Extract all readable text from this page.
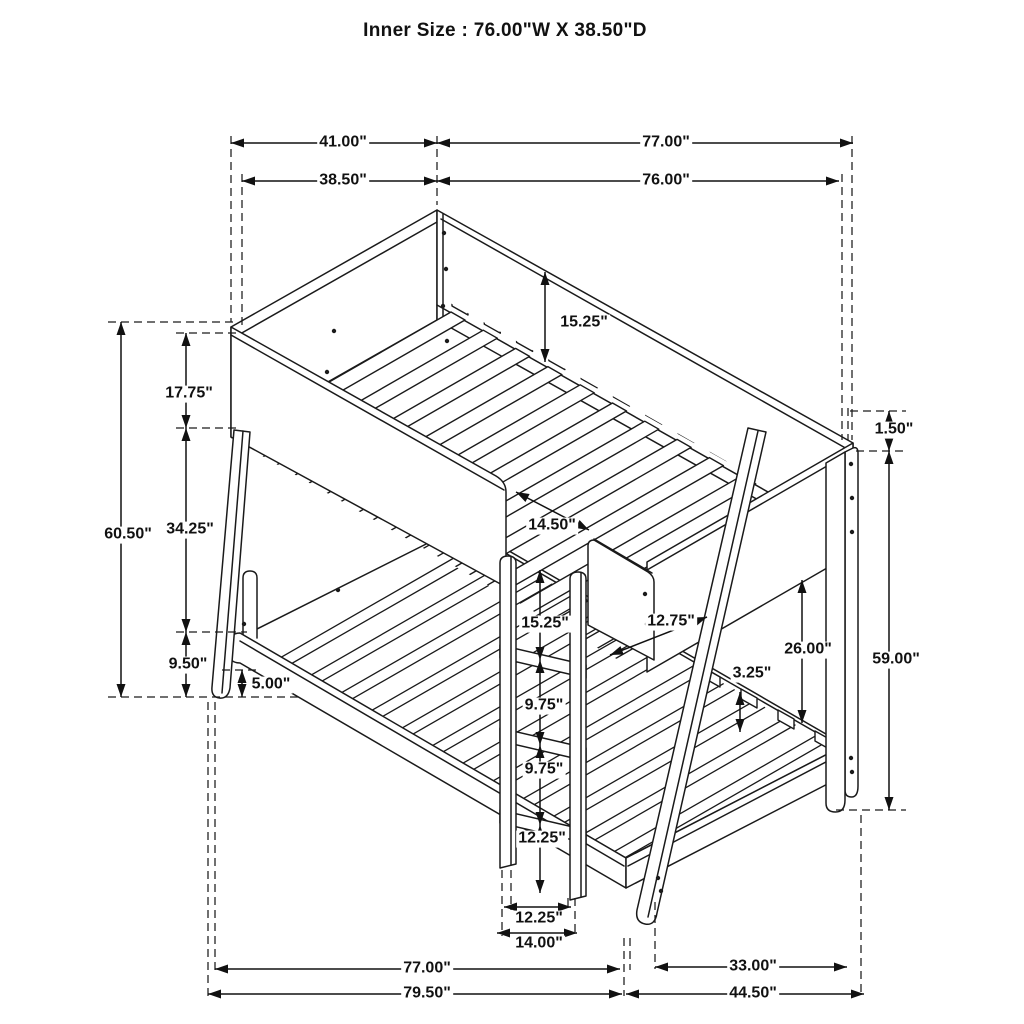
Inner Size : 76.00"W X 38.50"D
41.00"	77.00"
38.50"	76.00"
15.25"
17.75"
34.25"
60.50"
9.50"
5.00"
14.50"
15.25"
9.75"
9.75"
12.25"
12.75"
26.00"
3.25"
1.50"
59.00"
12.25"
14.00"
77.00"	33.00"
79.50"	44.50"
